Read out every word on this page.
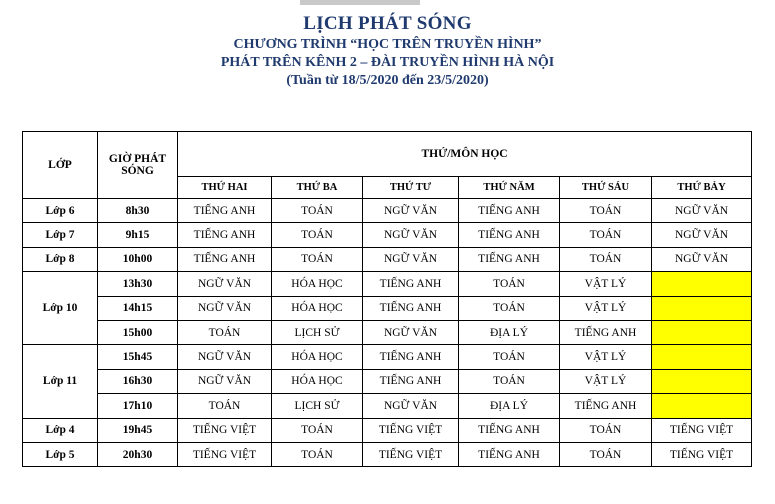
LỊCH PHÁT SÓNG
CHƯƠNG TRÌNH “HỌC TRÊN TRUYỀN HÌNH”
PHÁT TRÊN KÊNH 2 – ĐÀI TRUYỀN HÌNH HÀ NỘI
(Tuần từ 18/5/2020 đến 23/5/2020)
LỚP	GIỜ PHÁT SÓNG	THỨ/MÔN HỌC					
		THỨ HAI	THỨ BA	THỨ TƯ	THỨ NĂM	THỨ SÁU	THỨ BẢY
Lớp 6	8h30	TIẾNG ANH	TOÁN	NGỮ VĂN	TIẾNG ANH	TOÁN	NGỮ VĂN
Lớp 7	9h15	TIẾNG ANH	TOÁN	NGỮ VĂN	TIẾNG ANH	TOÁN	NGỮ VĂN
Lớp 8	10h00	TIẾNG ANH	TOÁN	NGỮ VĂN	TIẾNG ANH	TOÁN	NGỮ VĂN
Lớp 10	13h30	NGỮ VĂN	HÓA HỌC	TIẾNG ANH	TOÁN	VẬT LÝ	
	14h15	NGỮ VĂN	HÓA HỌC	TIẾNG ANH	TOÁN	VẬT LÝ	
	15h00	TOÁN	LỊCH SỬ	NGỮ VĂN	ĐỊA LÝ	TIẾNG ANH	
Lớp 11	15h45	NGỮ VĂN	HÓA HỌC	TIẾNG ANH	TOÁN	VẬT LÝ	
	16h30	NGỮ VĂN	HÓA HỌC	TIẾNG ANH	TOÁN	VẬT LÝ	
	17h10	TOÁN	LỊCH SỬ	NGỮ VĂN	ĐỊA LÝ	TIẾNG ANH	
Lớp 4	19h45	TIẾNG VIỆT	TOÁN	TIẾNG VIỆT	TIẾNG ANH	TOÁN	TIẾNG VIỆT
Lớp 5	20h30	TIẾNG VIỆT	TOÁN	TIẾNG VIỆT	TIẾNG ANH	TOÁN	TIẾNG VIỆT
